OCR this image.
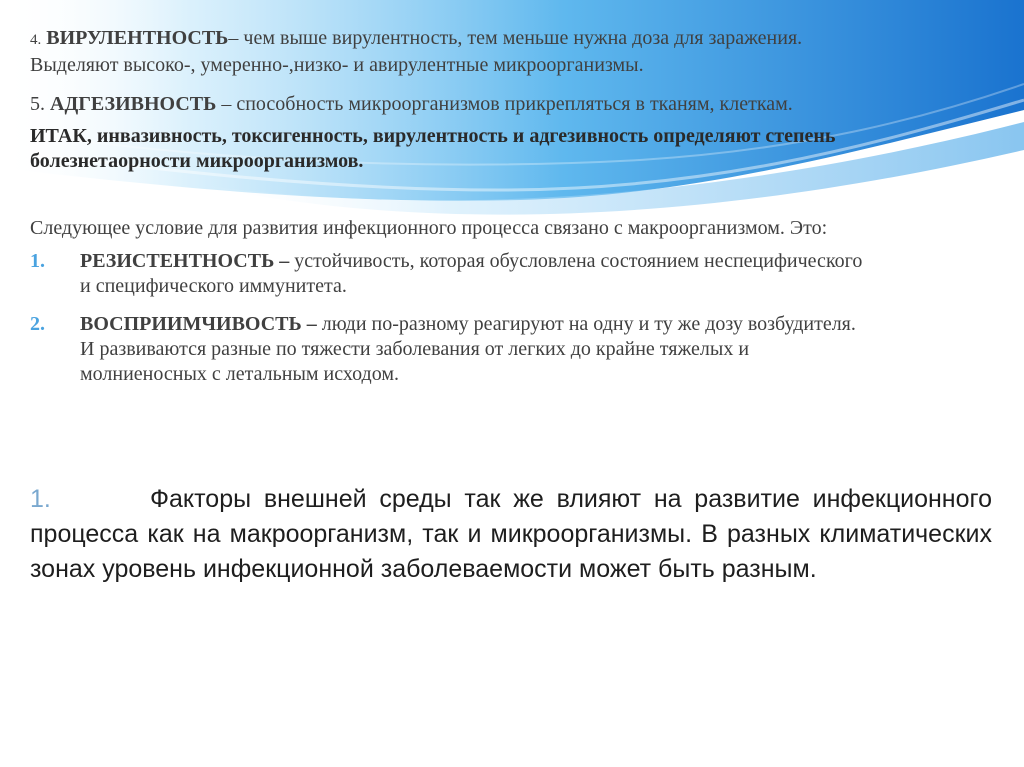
4. ВИРУЛЕНТНОСТЬ– чем выше вирулентность, тем меньше нужна доза для заражения.
Выделяют высоко-, умеренно-,низко- и авирулентные микроорганизмы.
5. АДГЕЗИВНОСТЬ – способность микроорганизмов прикрепляться в тканям, клеткам.
ИТАК, инвазивность, токсигенность, вирулентность и адгезивность определяют степень
болезнетаорности микроорганизмов.
Следующее условие для развития инфекционного процесса связано с макроорганизмом. Это:
1. РЕЗИСТЕНТНОСТЬ – устойчивость, которая обусловлена состоянием неспецифического
и специфического иммунитета.
2. ВОСПРИИМЧИВОСТЬ – люди по-разному реагируют на одну и ту же дозу возбудителя.
И развиваются разные по тяжести заболевания от легких до крайне тяжелых и
молниеносных с летальным исходом.
1.	Факторы внешней среды так же влияют на развитие инфекционного процесса как на макроорганизм, так и микроорганизмы. В разных климатических зонах уровень инфекционной заболеваемости может быть разным.
